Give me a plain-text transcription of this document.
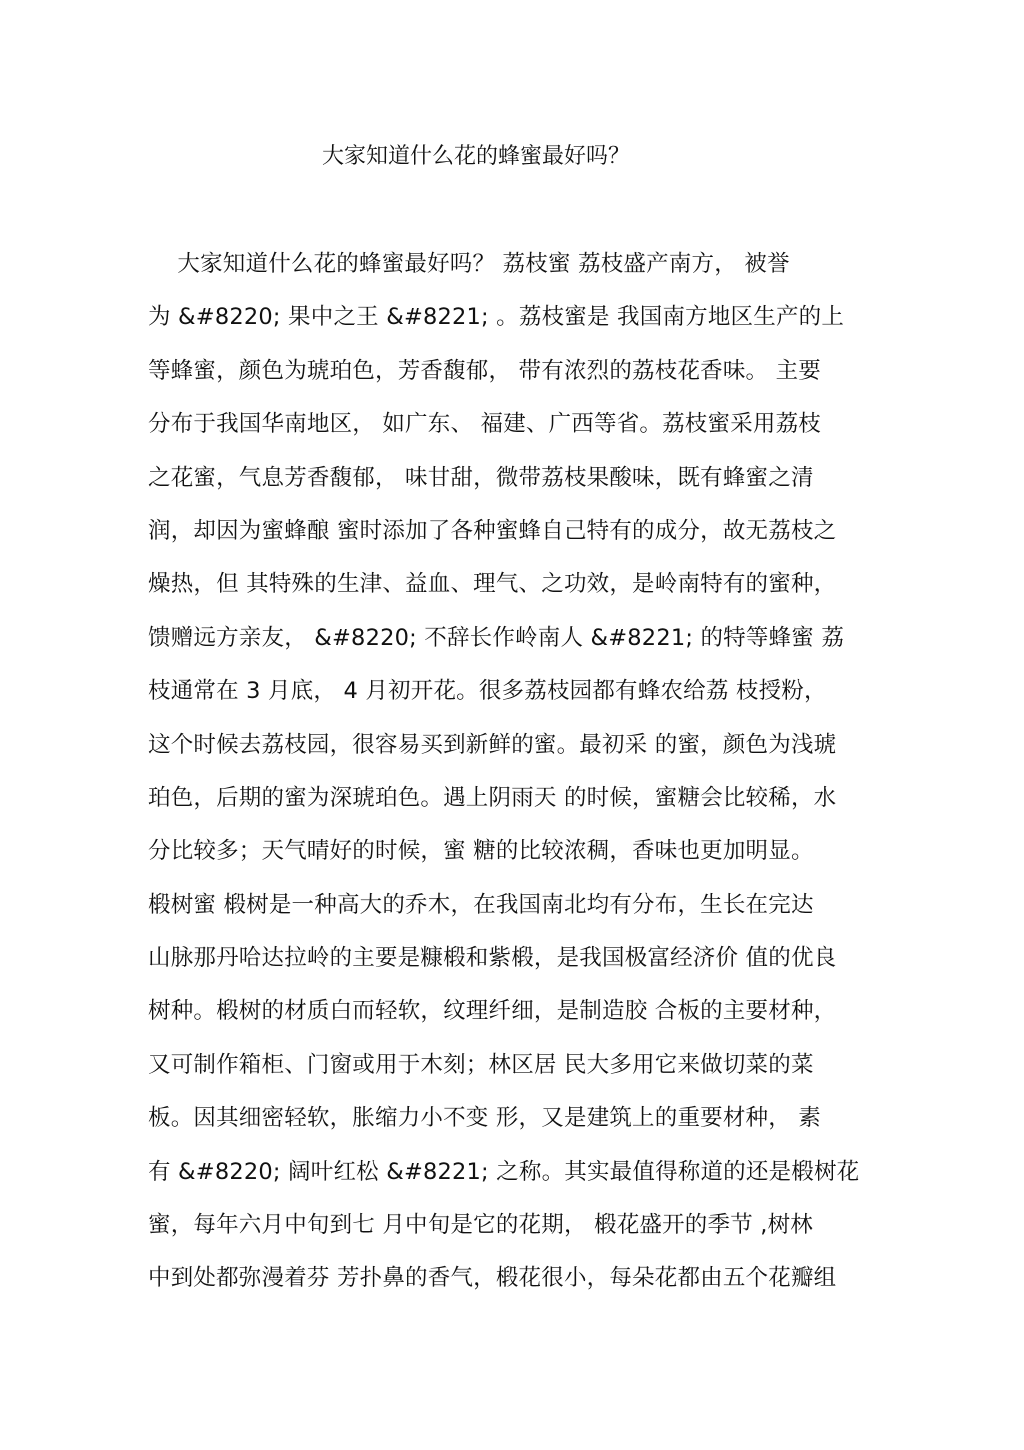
大家知道什么花的蜂蜜最好吗？
大家知道什么花的蜂蜜最好吗？ 荔枝蜜 荔枝盛产南方， 被誉
为 &#8220; 果中之王 &#8221; 。荔枝蜜是 我国南方地区生产的上
等蜂蜜，颜色为琥珀色，芳香馥郁， 带有浓烈的荔枝花香味。 主要
分布于我国华南地区， 如广东、 福建、广西等省。荔枝蜜采用荔枝
之花蜜，气息芳香馥郁， 味甘甜，微带荔枝果酸味，既有蜂蜜之清
润，却因为蜜蜂酿 蜜时添加了各种蜜蜂自己特有的成分，故无荔枝之
燥热，但 其特殊的生津、益血、理气、之功效，是岭南特有的蜜种，
馈赠远方亲友， &#8220; 不辞长作岭南人 &#8221; 的特等蜂蜜 荔
枝通常在 3 月底， 4 月初开花。很多荔枝园都有蜂农给荔 枝授粉，
这个时候去荔枝园，很容易买到新鲜的蜜。最初采 的蜜，颜色为浅琥
珀色，后期的蜜为深琥珀色。遇上阴雨天 的时候，蜜糖会比较稀，水
分比较多；天气晴好的时候，蜜 糖的比较浓稠，香味也更加明显。
椴树蜜 椴树是一种高大的乔木，在我国南北均有分布，生长在完达
山脉那丹哈达拉岭的主要是糠椴和紫椴，是我国极富经济价 值的优良
树种。椴树的材质白而轻软，纹理纤细，是制造胶 合板的主要材种，
又可制作箱柜、门窗或用于木刻；林区居 民大多用它来做切菜的菜
板。因其细密轻软，胀缩力小不变 形，又是建筑上的重要材种， 素
有 &#8220; 阔叶红松 &#8221; 之称。其实最值得称道的还是椴树花
蜜，每年六月中旬到七 月中旬是它的花期， 椴花盛开的季节 ,树林
中到处都弥漫着芬 芳扑鼻的香气，椴花很小，每朵花都由五个花瓣组
